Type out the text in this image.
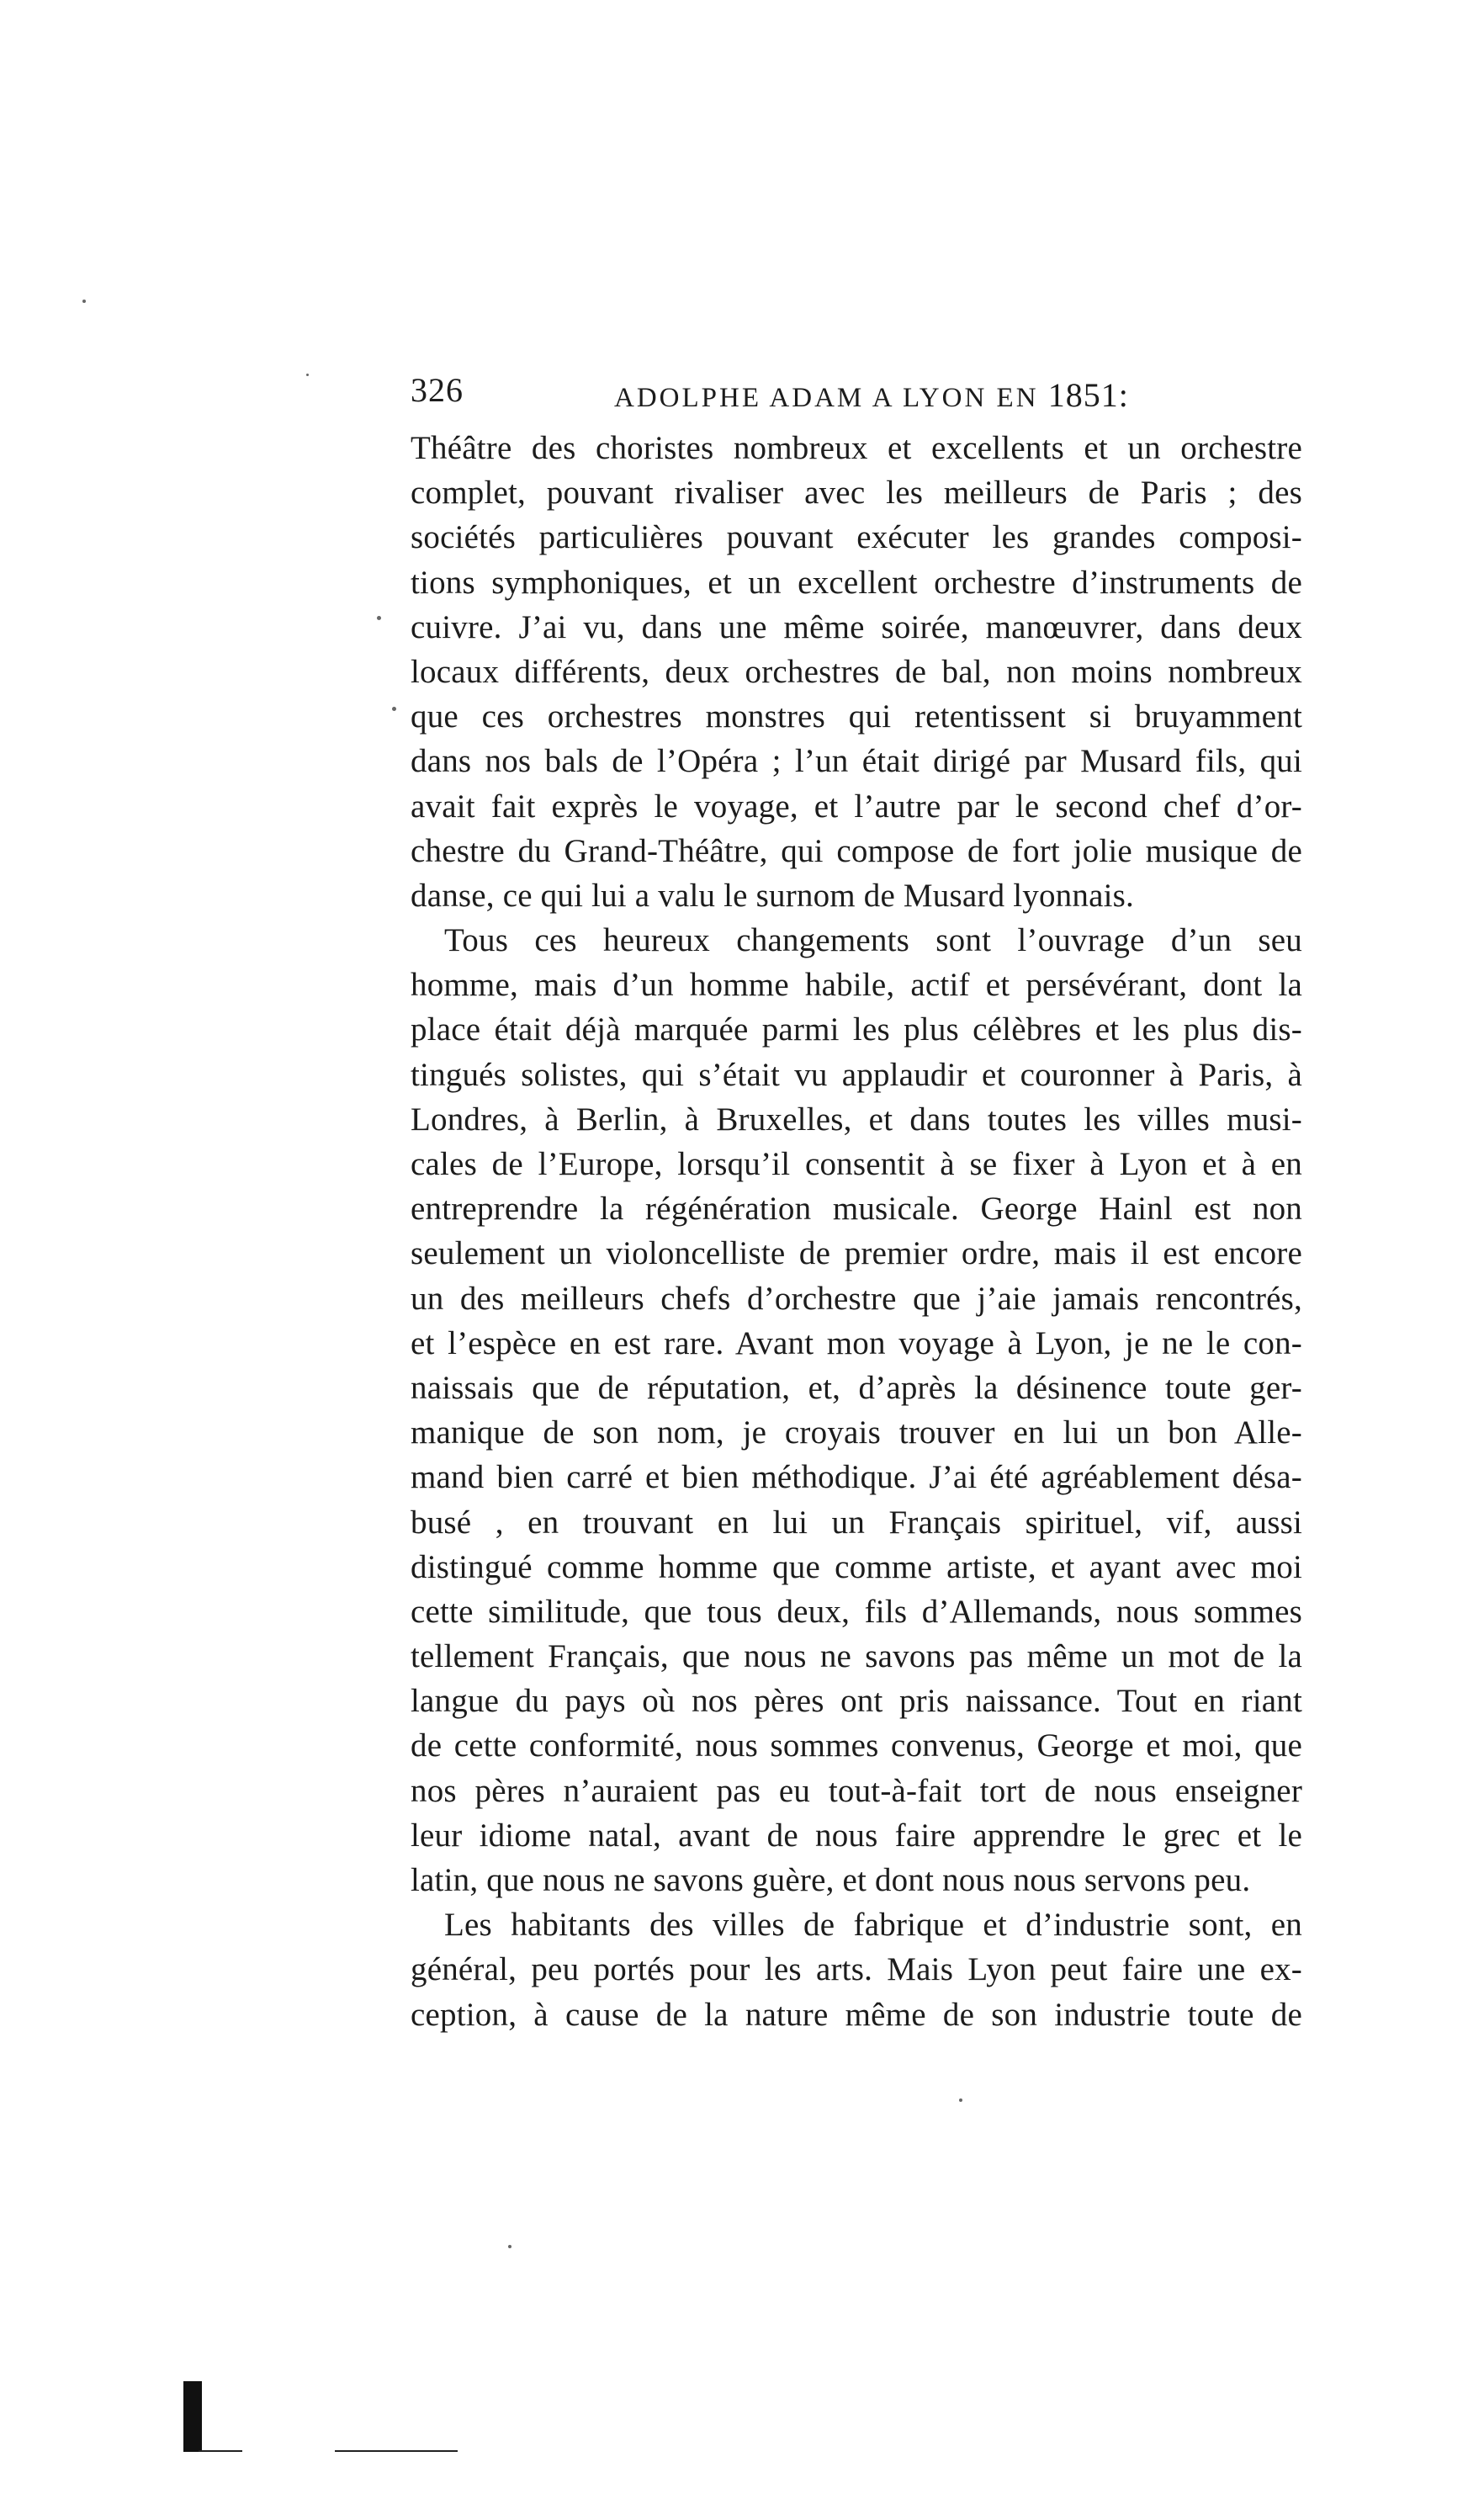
326	ADOLPHE ADAM A LYON EN 1851:
Théâtre des choristes nombreux et excellents et un orchestre
complet, pouvant rivaliser avec les meilleurs de Paris ; des
sociétés particulières pouvant exécuter les grandes composi-
tions symphoniques, et un excellent orchestre d’instruments de
cuivre. J’ai vu, dans une même soirée, manœuvrer, dans deux
locaux différents, deux orchestres de bal, non moins nombreux
que ces orchestres monstres qui retentissent si bruyamment
dans nos bals de l’Opéra ; l’un était dirigé par Musard fils, qui
avait fait exprès le voyage, et l’autre par le second chef d’or-
chestre du Grand-Théâtre, qui compose de fort jolie musique de
danse, ce qui lui a valu le surnom de Musard lyonnais.
Tous ces heureux changements sont l’ouvrage d’un seu
homme, mais d’un homme habile, actif et persévérant, dont la
place était déjà marquée parmi les plus célèbres et les plus dis-
tingués solistes, qui s’était vu applaudir et couronner à Paris, à
Londres, à Berlin, à Bruxelles, et dans toutes les villes musi-
cales de l’Europe, lorsqu’il consentit à se fixer à Lyon et à en
entreprendre la régénération musicale. George Hainl est non
seulement un violoncelliste de premier ordre, mais il est encore
un des meilleurs chefs d’orchestre que j’aie jamais rencontrés,
et l’espèce en est rare. Avant mon voyage à Lyon, je ne le con-
naissais que de réputation, et, d’après la désinence toute ger-
manique de son nom, je croyais trouver en lui un bon Alle-
mand bien carré et bien méthodique. J’ai été agréablement désa-
busé , en trouvant en lui un Français spirituel, vif, aussi
distingué comme homme que comme artiste, et ayant avec moi
cette similitude, que tous deux, fils d’Allemands, nous sommes
tellement Français, que nous ne savons pas même un mot de la
langue du pays où nos pères ont pris naissance. Tout en riant
de cette conformité, nous sommes convenus, George et moi, que
nos pères n’auraient pas eu tout-à-fait tort de nous enseigner
leur idiome natal, avant de nous faire apprendre le grec et le
latin, que nous ne savons guère, et dont nous nous servons peu.
Les habitants des villes de fabrique et d’industrie sont, en
général, peu portés pour les arts. Mais Lyon peut faire une ex-
ception, à cause de la nature même de son industrie toute de
